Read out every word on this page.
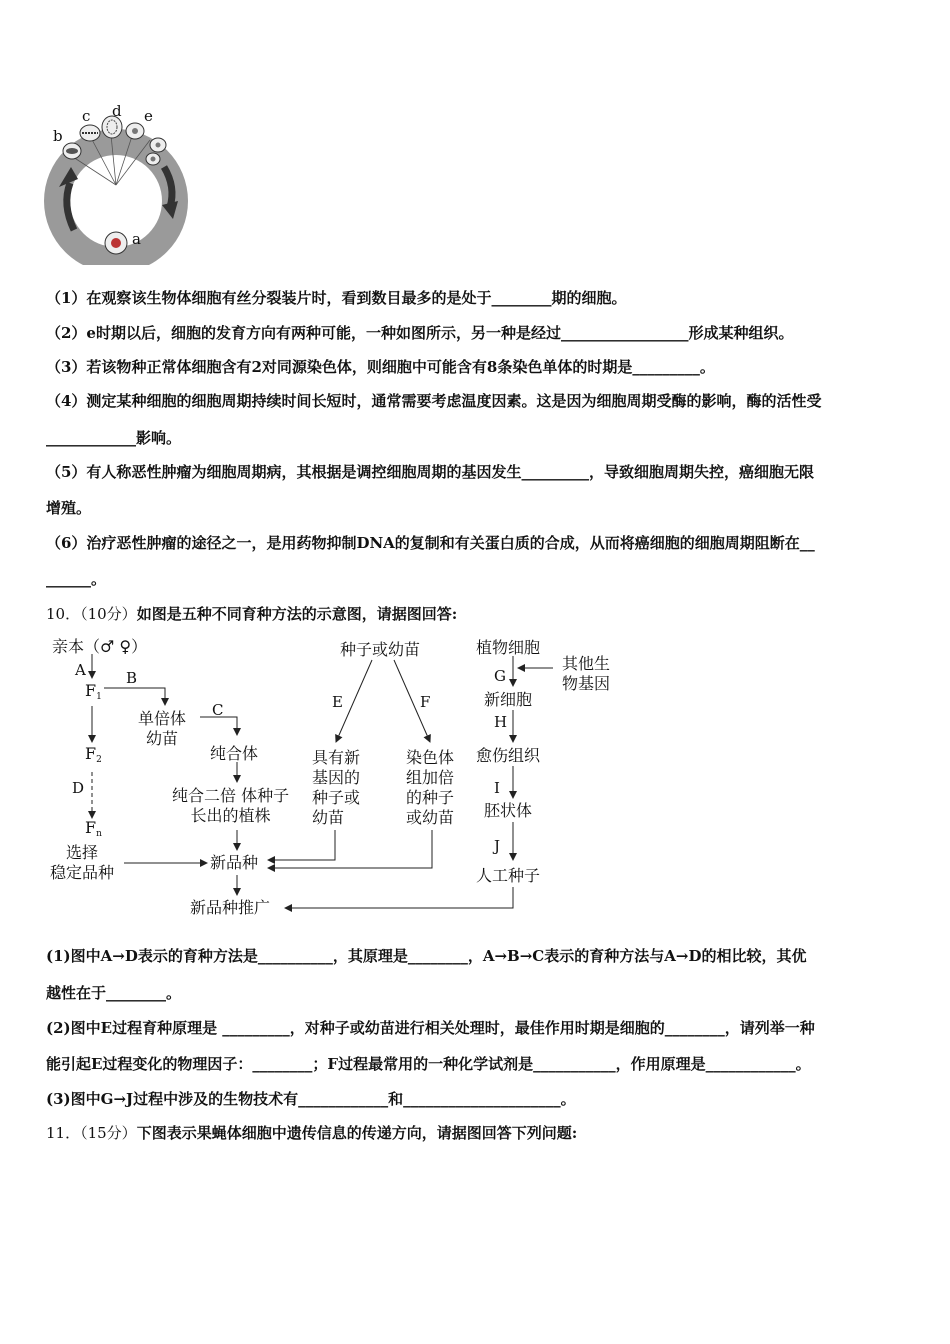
a
b
c d e
（1）在观察该生物体细胞有丝分裂装片时，看到数目最多的是处于________期的细胞。
（2）e时期以后，细胞的发育方向有两种可能，一种如图所示，另一种是经过_________________形成某种组织。
（3）若该物种正常体细胞含有2对同源染色体，则细胞中可能含有8条染色单体的时期是_________。
（4）测定某种细胞的细胞周期持续时间长短时，通常需要考虑温度因素。这是因为细胞周期受酶的影响，酶的活性受
____________影响。
（5）有人称恶性肿瘤为细胞周期病，其根据是调控细胞周期的基因发生_________，导致细胞周期失控，癌细胞无限
增殖。
（6）治疗恶性肿瘤的途径之一，是用药物抑制DNA的复制和有关蛋白质的合成，从而将癌细胞的细胞周期阻断在__
______。
10．（10分）如图是五种不同育种方法的示意图，请据图回答:
亲本（♂ ♀）
A
F1
B
单倍体
幼苗
C
纯合体
F2
D	纯合二倍 体种子
长出的植株
Fn
选择
稳定品种
新品种
新品种推广
种子或幼苗
E	F
具有新
基因的
种子或
幼苗
染色体
组加倍
的种子
或幼苗
植物细胞
其他生
物基因
G
新细胞
H
愈伤组织
I
胚状体
J
人工种子
(1)图中A→D表示的育种方法是__________，其原理是________，A→B→C表示的育种方法与A→D的相比较，其优
越性在于________。
(2)图中E过程育种原理是 _________，对种子或幼苗进行相关处理时，最佳作用时期是细胞的________，请列举一种
能引起E过程变化的物理因子：________；F过程最常用的一种化学试剂是___________，作用原理是____________。
(3)图中G→J过程中涉及的生物技术有____________和_____________________。
11．（15分）下图表示果蝇体细胞中遗传信息的传递方向，请据图回答下列问题:
